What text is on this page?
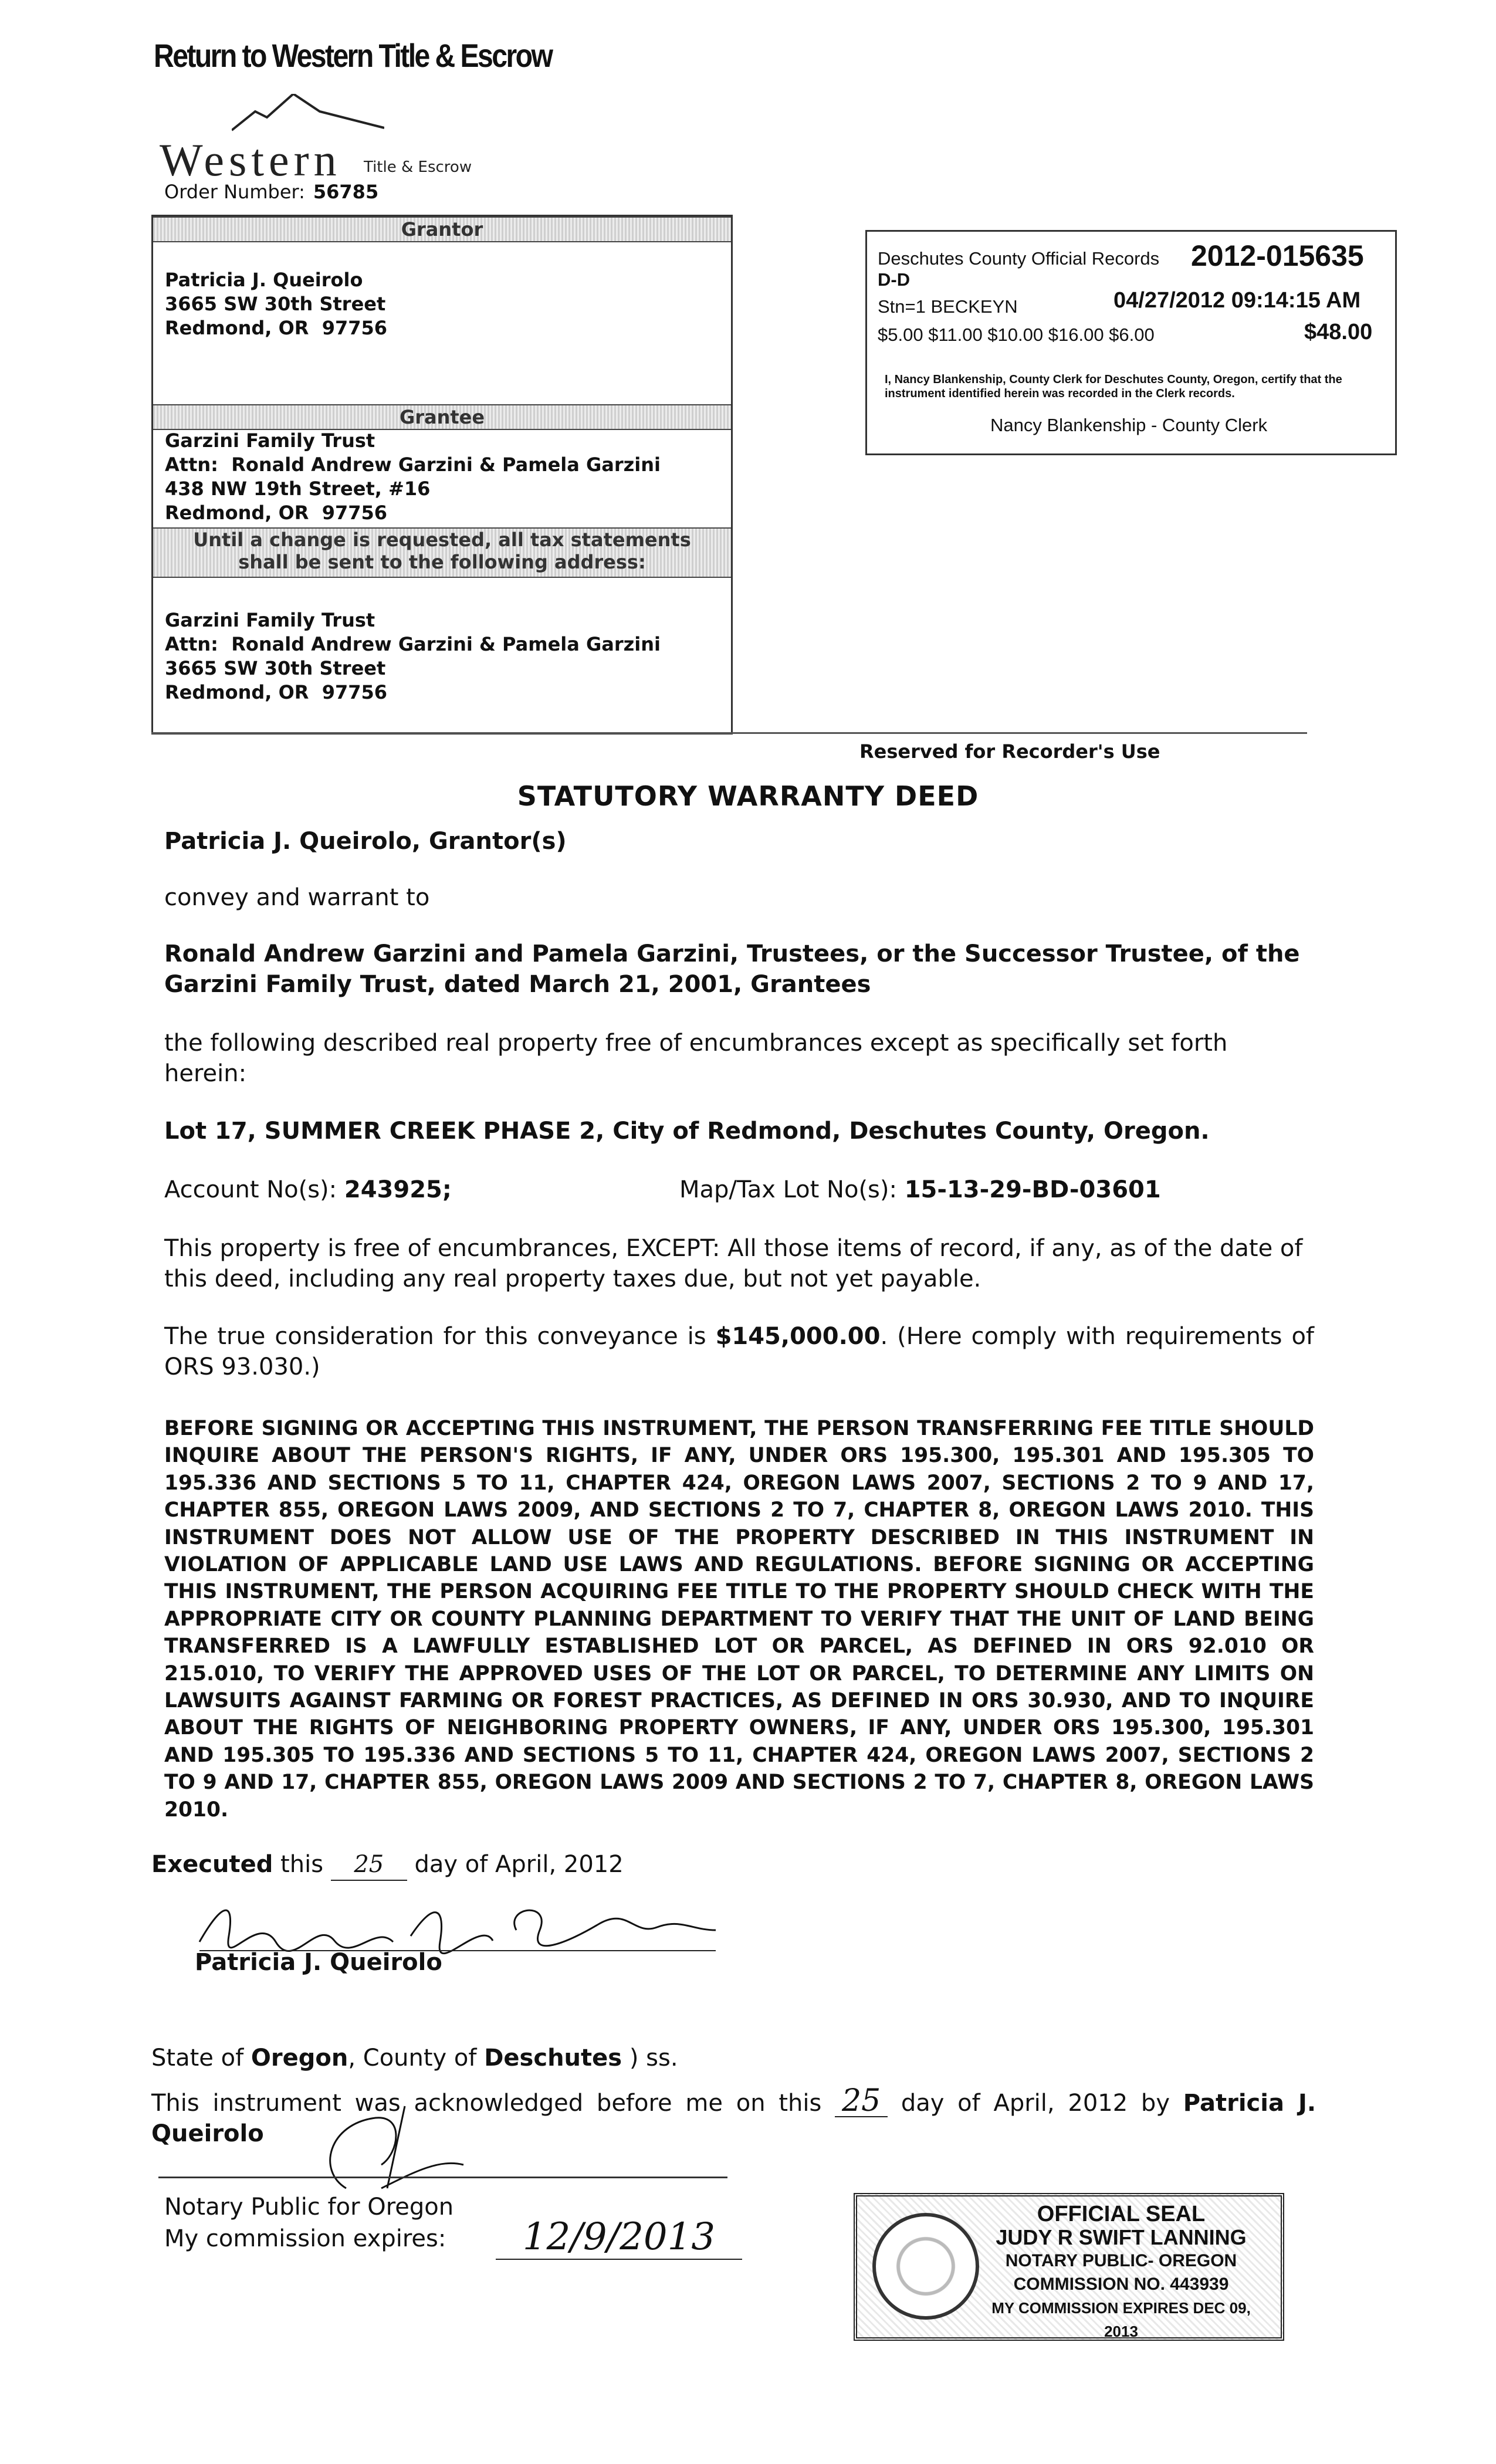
Return to Western Title & Escrow
Western Title & Escrow
Order Number: 56785
Grantor
Patricia J. Queirolo
3665 SW 30th Street
Redmond, OR  97756
Grantee
Garzini Family Trust
Attn:  Ronald Andrew Garzini & Pamela Garzini
438 NW 19th Street, #16
Redmond, OR  97756
Until a change is requested, all tax statements
shall be sent to the following address:
Garzini Family Trust
Attn:  Ronald Andrew Garzini & Pamela Garzini
3665 SW 30th Street
Redmond, OR  97756
Deschutes County Official Records 2012-015635
D-D
Stn=1 BECKEYN	04/27/2012 09:14:15 AM
$5.00 $11.00 $10.00 $16.00 $6.00	$48.00
I, Nancy Blankenship, County Clerk for Deschutes County, Oregon, certify that the instrument identified herein was recorded in the Clerk records.
Nancy Blankenship - County Clerk
Reserved for Recorder's Use
STATUTORY WARRANTY DEED
Patricia J. Queirolo, Grantor(s)
convey and warrant to
Ronald Andrew Garzini and Pamela Garzini, Trustees, or the Successor Trustee, of the Garzini Family Trust, dated March 21, 2001, Grantees
the following described real property free of encumbrances except as specifically set forth herein:
Lot 17, SUMMER CREEK PHASE 2, City of Redmond, Deschutes County, Oregon.
Account No(s): 243925;	Map/Tax Lot No(s): 15-13-29-BD-03601
This property is free of encumbrances, EXCEPT: All those items of record, if any, as of the date of this deed, including any real property taxes due, but not yet payable.
The true consideration for this conveyance is $145,000.00. (Here comply with requirements of ORS 93.030.)
BEFORE SIGNING OR ACCEPTING THIS INSTRUMENT, THE PERSON TRANSFERRING FEE TITLE SHOULD INQUIRE ABOUT THE PERSON'S RIGHTS, IF ANY, UNDER ORS 195.300, 195.301 AND 195.305 TO 195.336 AND SECTIONS 5 TO 11, CHAPTER 424, OREGON LAWS 2007, SECTIONS 2 TO 9 AND 17, CHAPTER 855, OREGON LAWS 2009, AND SECTIONS 2 TO 7, CHAPTER 8, OREGON LAWS 2010. THIS INSTRUMENT DOES NOT ALLOW USE OF THE PROPERTY DESCRIBED IN THIS INSTRUMENT IN VIOLATION OF APPLICABLE LAND USE LAWS AND REGULATIONS. BEFORE SIGNING OR ACCEPTING THIS INSTRUMENT, THE PERSON ACQUIRING FEE TITLE TO THE PROPERTY SHOULD CHECK WITH THE APPROPRIATE CITY OR COUNTY PLANNING DEPARTMENT TO VERIFY THAT THE UNIT OF LAND BEING TRANSFERRED IS A LAWFULLY ESTABLISHED LOT OR PARCEL, AS DEFINED IN ORS 92.010 OR 215.010, TO VERIFY THE APPROVED USES OF THE LOT OR PARCEL, TO DETERMINE ANY LIMITS ON LAWSUITS AGAINST FARMING OR FOREST PRACTICES, AS DEFINED IN ORS 30.930, AND TO INQUIRE ABOUT THE RIGHTS OF NEIGHBORING PROPERTY OWNERS, IF ANY, UNDER ORS 195.300, 195.301 AND 195.305 TO 195.336 AND SECTIONS 5 TO 11, CHAPTER 424, OREGON LAWS 2007, SECTIONS 2 TO 9 AND 17, CHAPTER 855, OREGON LAWS 2009 AND SECTIONS 2 TO 7, CHAPTER 8, OREGON LAWS 2010.
Executed this 25 day of April, 2012
Patricia J. Queirolo
State of Oregon, County of Deschutes ) ss.
This instrument was acknowledged before me on this 25 day of April, 2012 by Patricia J. Queirolo
Notary Public for Oregon
My commission expires:	12/9/2013
OFFICIAL SEAL
JUDY R SWIFT LANNING
NOTARY PUBLIC- OREGON
COMMISSION NO. 443939
MY COMMISSION EXPIRES DEC 09, 2013
